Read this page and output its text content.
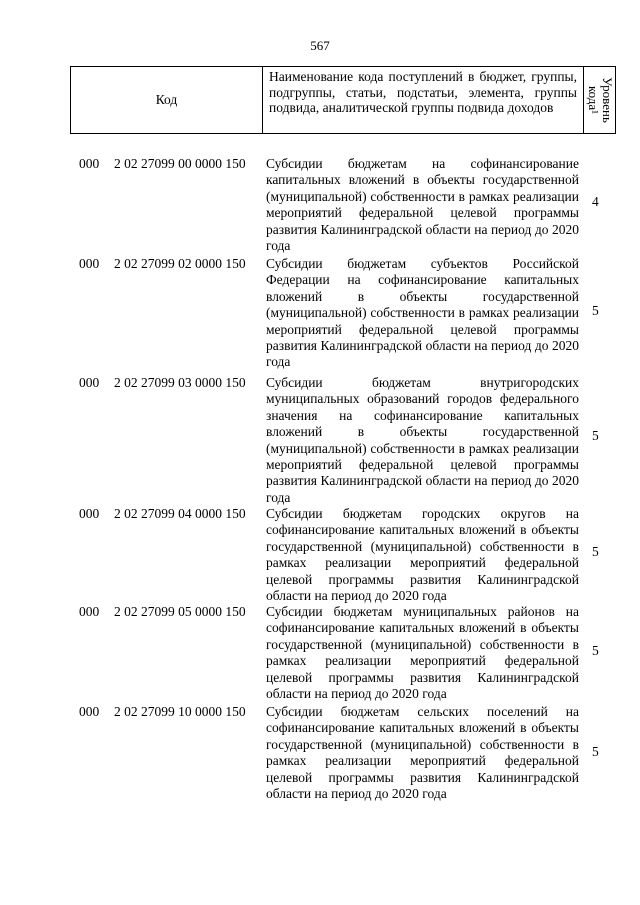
567
Код
Наименование кода поступлений в бюджет, группы, подгруппы, статьи, подстатьи, элемента, группы подвида, аналитической группы подвида доходов	Уровень
кода¹
000 2 02 27099 00 0000 150 Субсидии бюджетам на софинансирование капитальных вложений в объекты государственной (муниципальной) собственности в рамках реализации мероприятий федеральной целевой программы развития Калининградской области на период до 2020 года
4
000 2 02 27099 02 0000 150 Субсидии бюджетам субъектов Российской Федерации на софинансирование капитальных вложений в объекты государственной (муниципальной) собственности в рамках реализации мероприятий федеральной целевой программы развития Калининградской области на период до 2020 года
5
000 2 02 27099 03 0000 150 Субсидии бюджетам внутригородских муниципальных образований городов федерального значения на софинансирование капитальных вложений в объекты государственной (муниципальной) собственности в рамках реализации мероприятий федеральной целевой программы развития Калининградской области на период до 2020 года
5
000 2 02 27099 04 0000 150 Субсидии бюджетам городских округов на софинансирование капитальных вложений в объекты государственной (муниципальной) собственности в рамках реализации мероприятий федеральной целевой программы развития Калининградской области на период до 2020 года
5
000 2 02 27099 05 0000 150 Субсидии бюджетам муниципальных районов на софинансирование капитальных вложений в объекты государственной (муниципальной) собственности в рамках реализации мероприятий федеральной целевой программы развития Калининградской области на период до 2020 года
5
000 2 02 27099 10 0000 150 Субсидии бюджетам сельских поселений на софинансирование капитальных вложений в объекты государственной (муниципальной) собственности в рамках реализации мероприятий федеральной целевой программы развития Калининградской области на период до 2020 года
5
